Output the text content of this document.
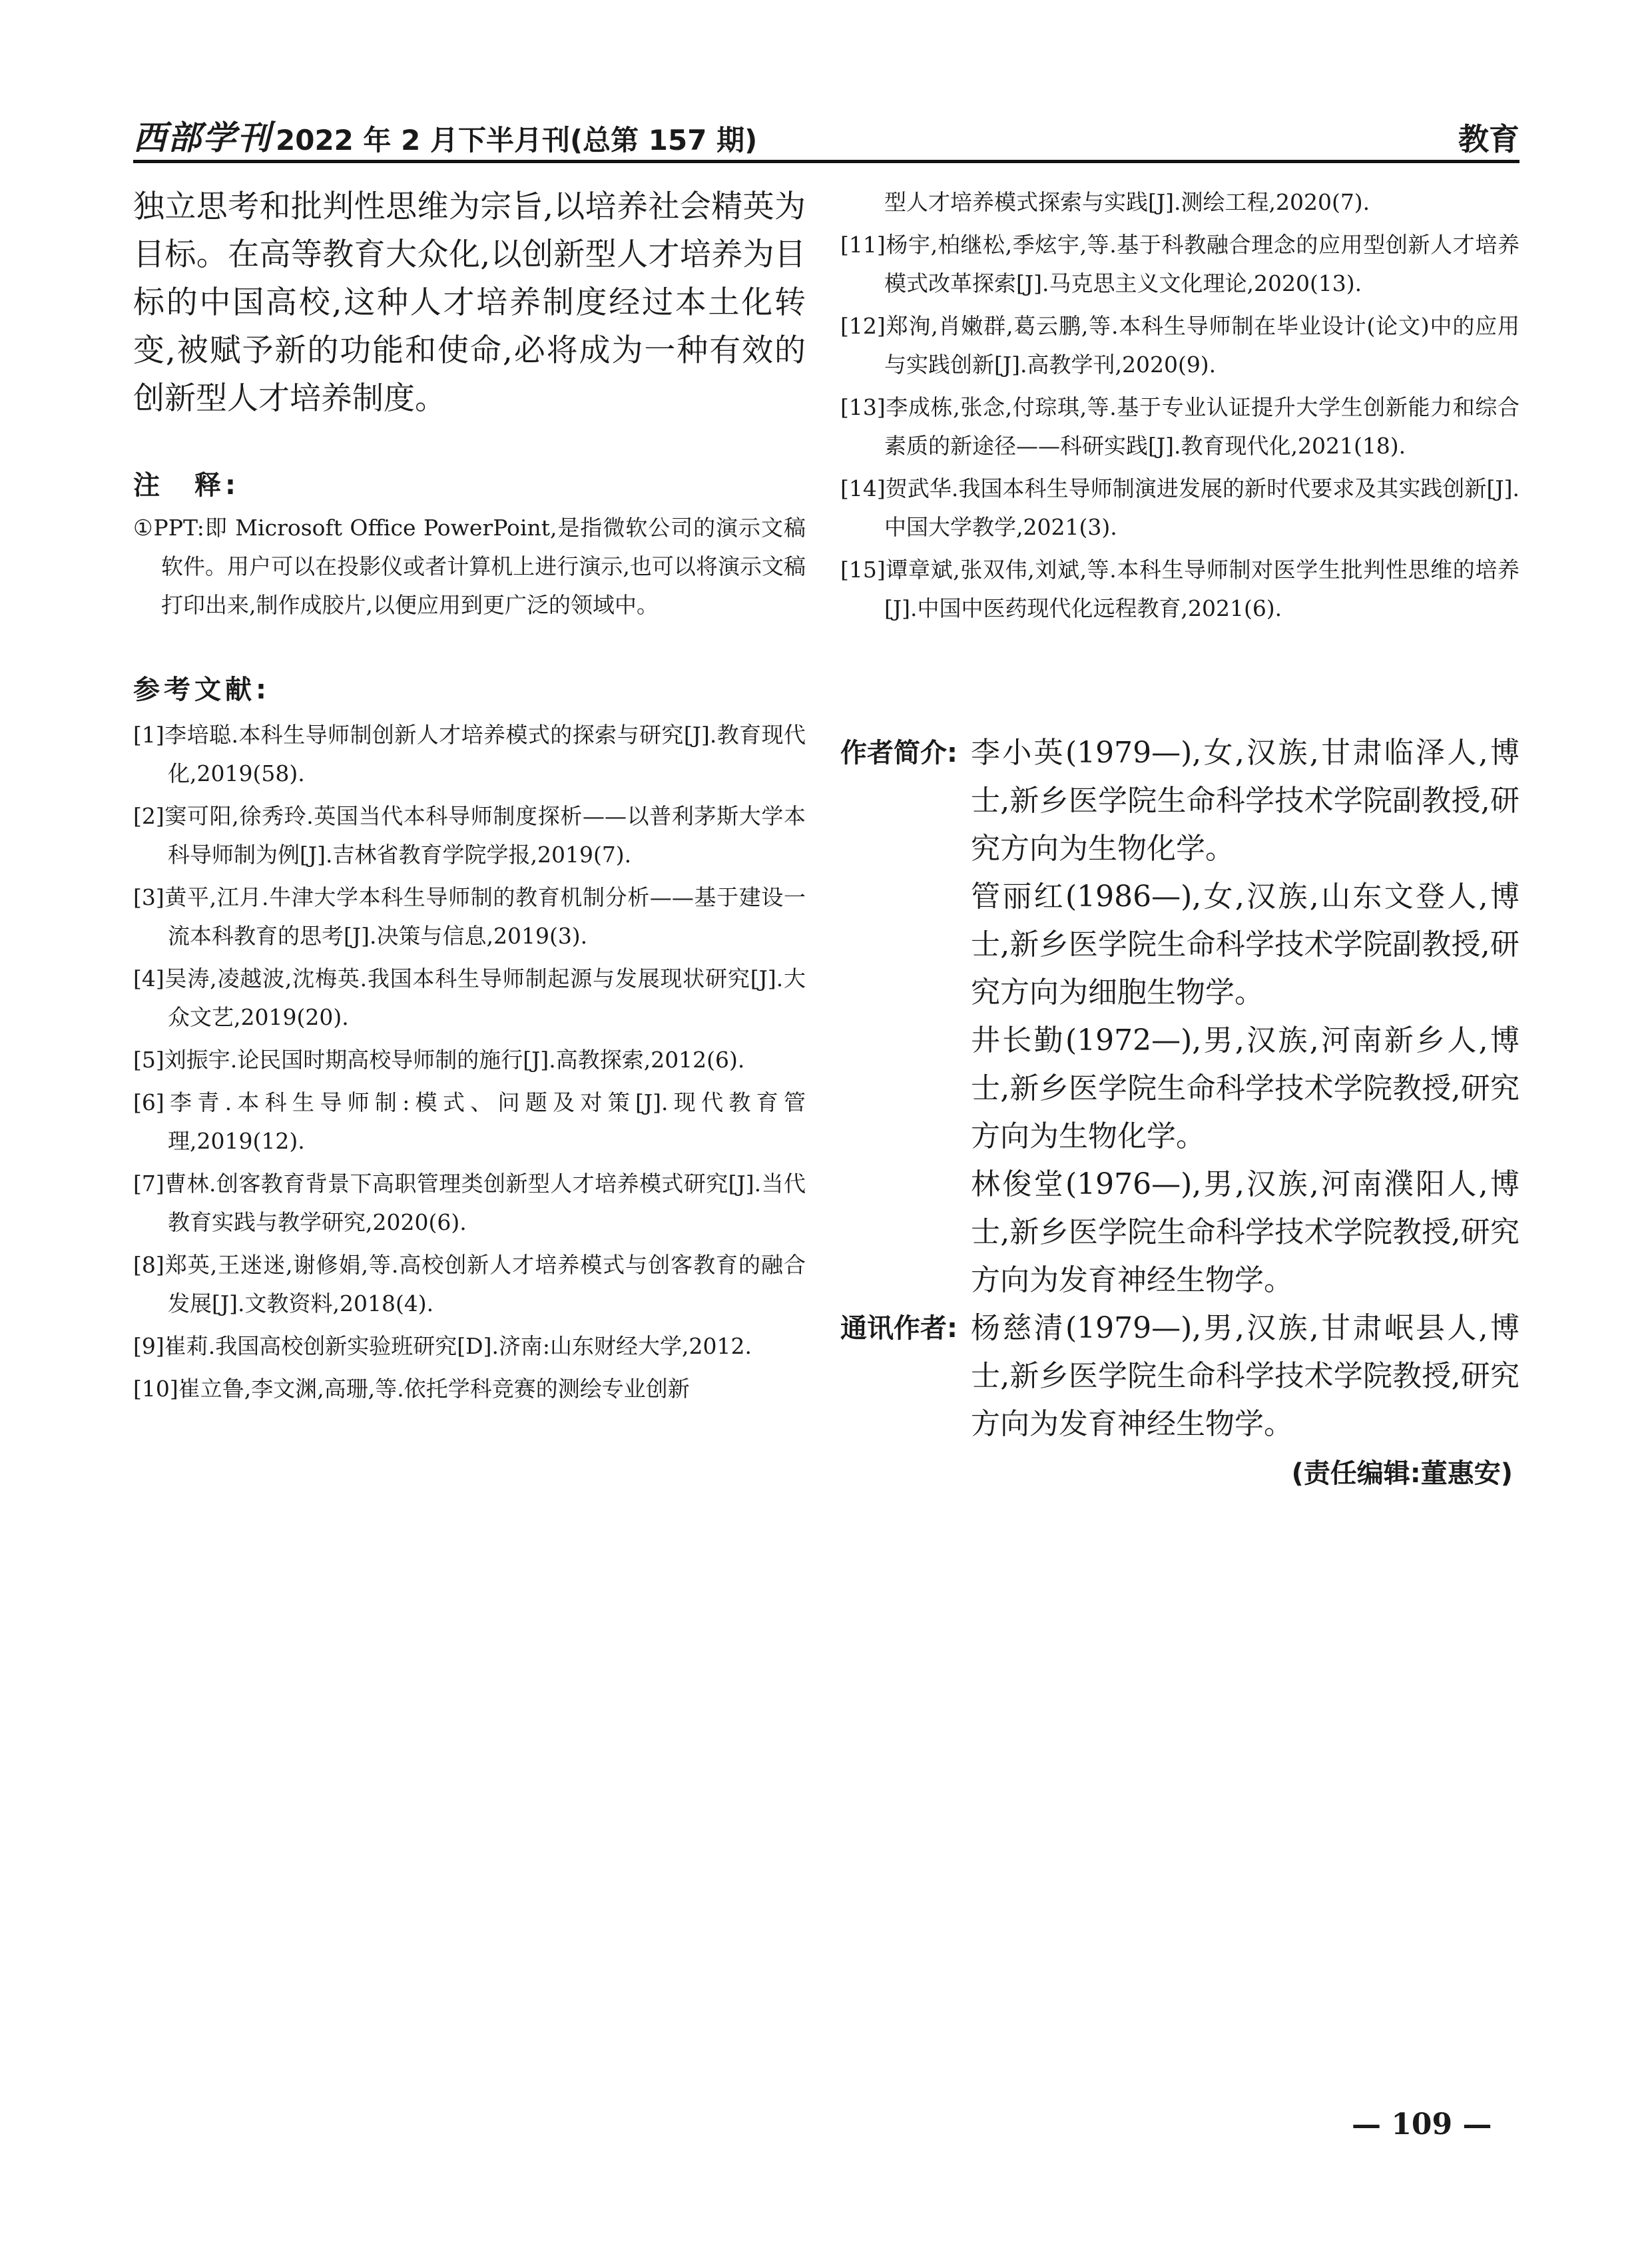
西部学刊 2022 年 2 月下半月刊(总第 157 期)	教育

独立思考和批判性思维为宗旨,以培养社会精英为目标。在高等教育大众化,以创新型人才培养为目标的中国高校,这种人才培养制度经过本土化转变,被赋予新的功能和使命,必将成为一种有效的创新型人才培养制度。

注　释:

①PPT:即 Microsoft Office PowerPoint,是指微软公司的演示文稿软件。用户可以在投影仪或者计算机上进行演示,也可以将演示文稿打印出来,制作成胶片,以便应用到更广泛的领域中。

参考文献:

[1]李培聪.本科生导师制创新人才培养模式的探索与研究[J].教育现代化,2019(58).

[2]窦可阳,徐秀玲.英国当代本科导师制度探析——以普利茅斯大学本科导师制为例[J].吉林省教育学院学报,2019(7).

[3]黄平,江月.牛津大学本科生导师制的教育机制分析——基于建设一流本科教育的思考[J].决策与信息,2019(3).

[4]吴涛,凌越波,沈梅英.我国本科生导师制起源与发展现状研究[J].大众文艺,2019(20).

[5]刘振宇.论民国时期高校导师制的施行[J].高教探索,2012(6).

[6]李青.本科生导师制:模式、问题及对策[J].现代教育管理,2019(12).

[7]曹林.创客教育背景下高职管理类创新型人才培养模式研究[J].当代教育实践与教学研究,2020(6).

[8]郑英,王迷迷,谢修娟,等.高校创新人才培养模式与创客教育的融合发展[J].文教资料,2018(4).

[9]崔莉.我国高校创新实验班研究[D].济南:山东财经大学,2012.

[10]崔立鲁,李文渊,高珊,等.依托学科竞赛的测绘专业创新

型人才培养模式探索与实践[J].测绘工程,2020(7).

[11]杨宇,柏继松,季炫宇,等.基于科教融合理念的应用型创新人才培养模式改革探索[J].马克思主义文化理论,2020(13).

[12]郑洵,肖嫩群,葛云鹏,等.本科生导师制在毕业设计(论文)中的应用与实践创新[J].高教学刊,2020(9).

[13]李成栋,张念,付琮琪,等.基于专业认证提升大学生创新能力和综合素质的新途径——科研实践[J].教育现代化,2021(18).

[14]贺武华.我国本科生导师制演进发展的新时代要求及其实践创新[J].中国大学教学,2021(3).

[15]谭章斌,张双伟,刘斌,等.本科生导师制对医学生批判性思维的培养[J].中国中医药现代化远程教育,2021(6).

作者简介: 李小英(1979—),女,汉族,甘肃临泽人,博士,新乡医学院生命科学技术学院副教授,研究方向为生物化学。

管丽红(1986—),女,汉族,山东文登人,博士,新乡医学院生命科学技术学院副教授,研究方向为细胞生物学。

井长勤(1972—),男,汉族,河南新乡人,博士,新乡医学院生命科学技术学院教授,研究方向为生物化学。

林俊堂(1976—),男,汉族,河南濮阳人,博士,新乡医学院生命科学技术学院教授,研究方向为发育神经生物学。

通讯作者: 杨慈清(1979—),男,汉族,甘肃岷县人,博士,新乡医学院生命科学技术学院教授,研究方向为发育神经生物学。

(责任编辑:董惠安)
— 109 —
